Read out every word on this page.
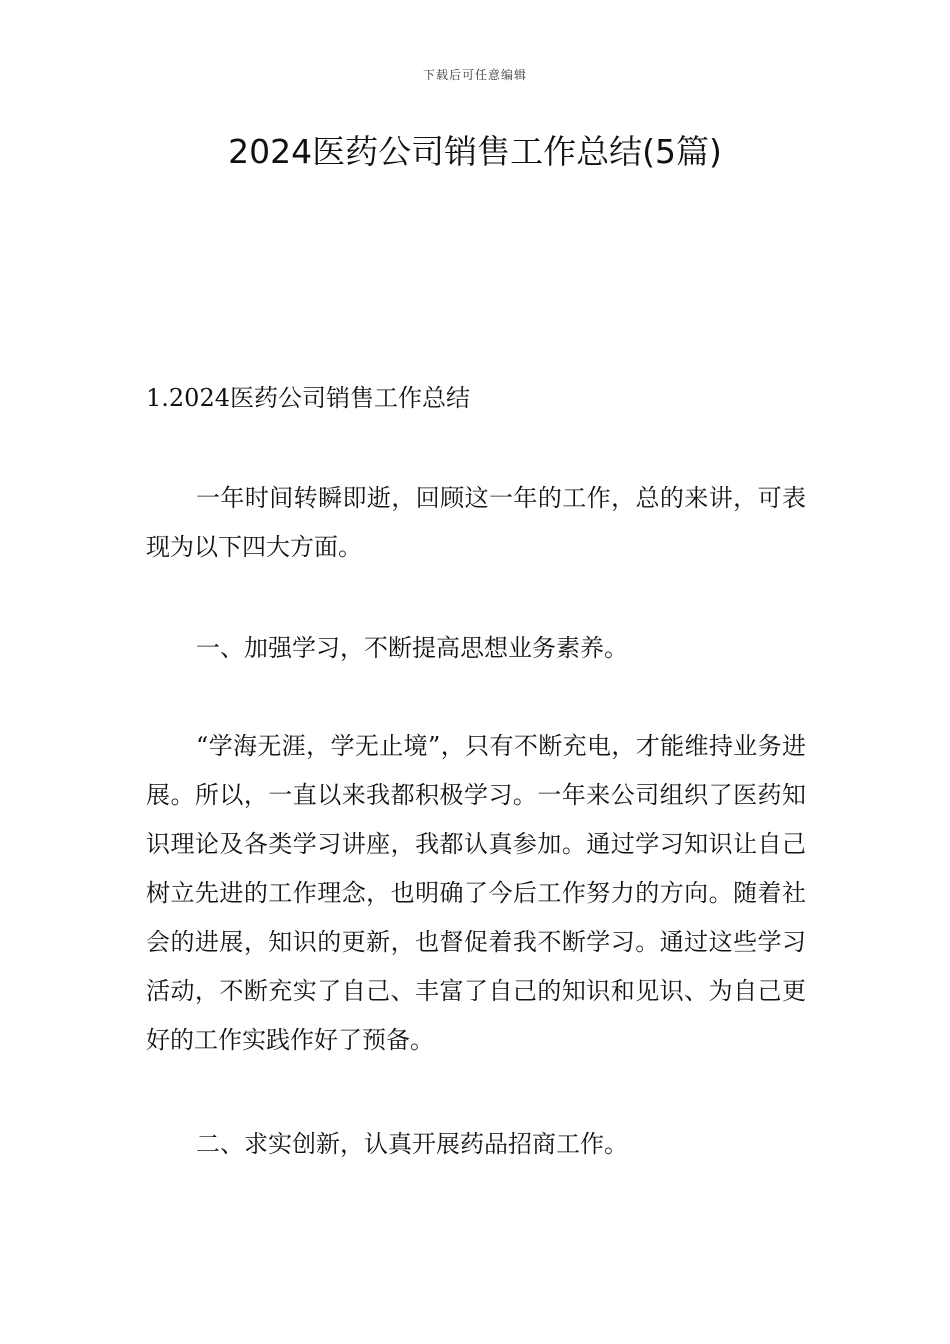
下载后可任意编辑
2024医药公司销售工作总结(5篇)
1.2024医药公司销售工作总结

一年时间转瞬即逝，回顾这一年的工作，总的来讲，可表现为以下四大方面。

一、加强学习，不断提高思想业务素养。

“学海无涯，学无止境”，只有不断充电，才能维持业务进展。所以，一直以来我都积极学习。一年来公司组织了医药知识理论及各类学习讲座，我都认真参加。通过学习知识让自己树立先进的工作理念，也明确了今后工作努力的方向。随着社会的进展，知识的更新，也督促着我不断学习。通过这些学习活动，不断充实了自己、丰富了自己的知识和见识、为自己更好的工作实践作好了预备。

二、求实创新，认真开展药品招商工作。
